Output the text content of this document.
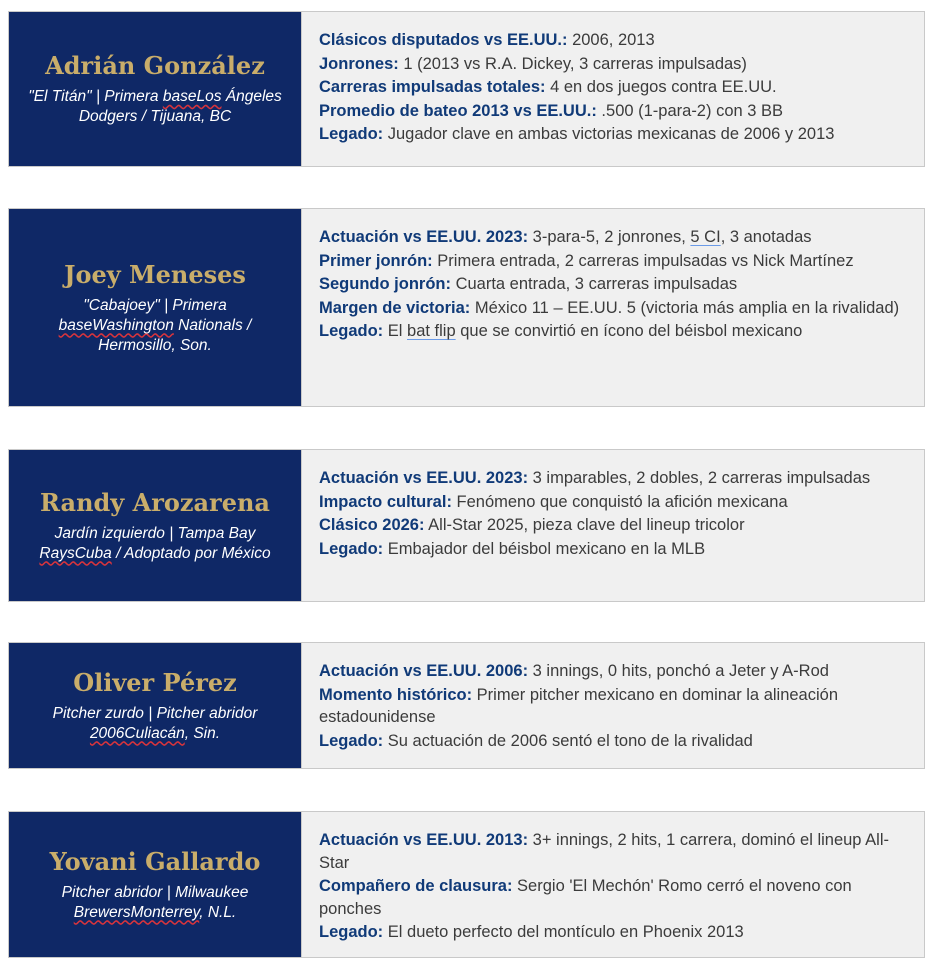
Adrián González
"El Titán" | Primera baseLos Ángeles Dodgers / Tijuana, BC
Clásicos disputados vs EE.UU.: 2006, 2013
Jonrones: 1 (2013 vs R.A. Dickey, 3 carreras impulsadas)
Carreras impulsadas totales: 4 en dos juegos contra EE.UU.
Promedio de bateo 2013 vs EE.UU.: .500 (1-para-2) con 3 BB
Legado: Jugador clave en ambas victorias mexicanas de 2006 y 2013
Joey Meneses
"Cabajoey" | Primera baseWashington Nationals / Hermosillo, Son.
Actuación vs EE.UU. 2023: 3-para-5, 2 jonrones, 5 CI, 3 anotadas
Primer jonrón: Primera entrada, 2 carreras impulsadas vs Nick Martínez
Segundo jonrón: Cuarta entrada, 3 carreras impulsadas
Margen de victoria: México 11 – EE.UU. 5 (victoria más amplia en la rivalidad)
Legado: El bat flip que se convirtió en ícono del béisbol mexicano
Randy Arozarena
Jardín izquierdo | Tampa Bay RaysCuba / Adoptado por México
Actuación vs EE.UU. 2023: 3 imparables, 2 dobles, 2 carreras impulsadas
Impacto cultural: Fenómeno que conquistó la afición mexicana
Clásico 2026: All-Star 2025, pieza clave del lineup tricolor
Legado: Embajador del béisbol mexicano en la MLB
Oliver Pérez
Pitcher zurdo | Pitcher abridor 2006Culiacán, Sin.
Actuación vs EE.UU. 2006: 3 innings, 0 hits, ponchó a Jeter y A-Rod
Momento histórico: Primer pitcher mexicano en dominar la alineación estadounidense
Legado: Su actuación de 2006 sentó el tono de la rivalidad
Yovani Gallardo
Pitcher abridor | Milwaukee BrewersMonterrey, N.L.
Actuación vs EE.UU. 2013: 3+ innings, 2 hits, 1 carrera, dominó el lineup All-Star
Compañero de clausura: Sergio 'El Mechón' Romo cerró el noveno con ponches
Legado: El dueto perfecto del montículo en Phoenix 2013
